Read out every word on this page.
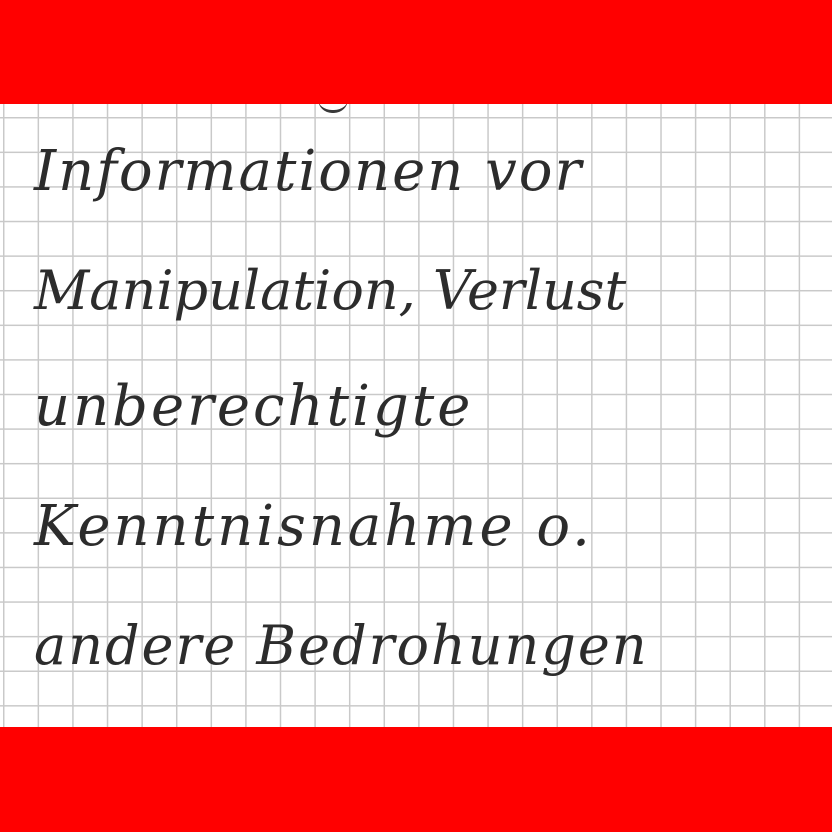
Informationen vor

Manipulation, Verlust

unberechtigte

Kenntnisnahme o.

andere Bedrohungen
